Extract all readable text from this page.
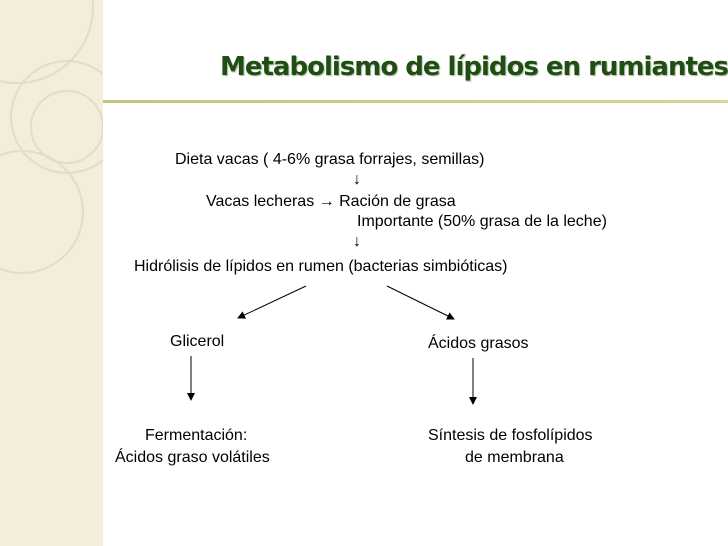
Metabolismo de lípidos en rumiantes
Dieta vacas ( 4-6% grasa forrajes, semillas)
↓
Vacas lecheras → Ración de grasa
Importante (50% grasa de la leche)
↓
Hidrólisis de lípidos en rumen (bacterias simbióticas)
Glicerol	Ácidos grasos
Fermentación:
Ácidos graso volátiles
Síntesis de fosfolípidos
de membrana
